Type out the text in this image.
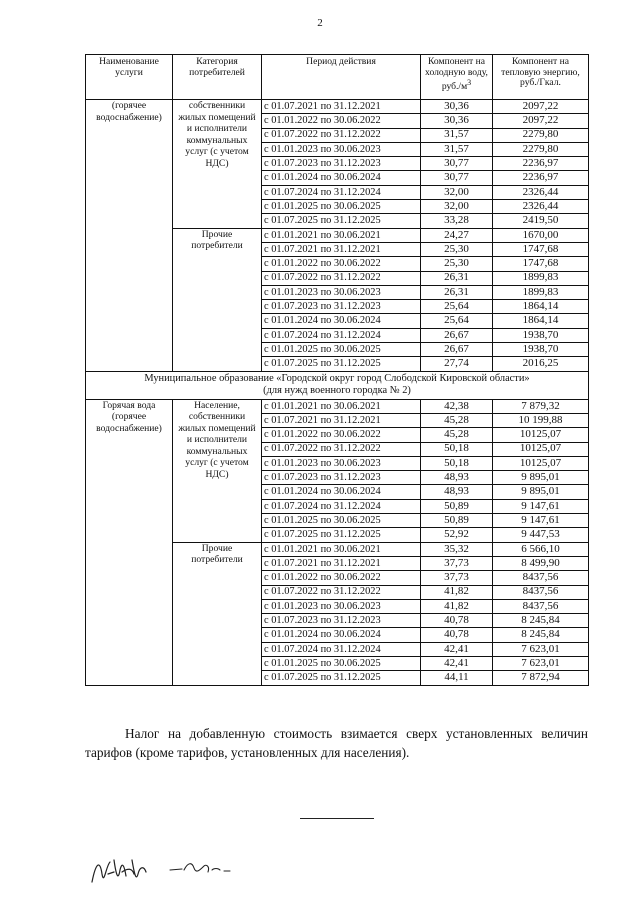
2
Наименование услуги	Категория потребителей	Период действия	Компонент на холодную воду, $руб./м^3$	Компонент на тепловую энергию, руб./Гкал.
(горячее водоснабжение)	собственники жилых помещений и исполнители коммунальных услуг (с учетом НДС)	с 01.07.2021 по 31.12.2021	30,36	2097,22
		с 01.01.2022 по 30.06.2022	30,36	2097,22
		с 01.07.2022 по 31.12.2022	31,57	2279,80
		с 01.01.2023 по 30.06.2023	31,57	2279,80
		с 01.07.2023 по 31.12.2023	30,77	2236,97
		с 01.01.2024 по 30.06.2024	30,77	2236,97
		с 01.07.2024 по 31.12.2024	32,00	2326,44
		с 01.01.2025 по 30.06.2025	32,00	2326,44
		с 01.07.2025 по 31.12.2025	33,28	2419,50
	Прочие потребители	с 01.01.2021 по 30.06.2021	24,27	1670,00
		с 01.07.2021 по 31.12.2021	25,30	1747,68
		с 01.01.2022 по 30.06.2022	25,30	1747,68
		с 01.07.2022 по 31.12.2022	26,31	1899,83
		с 01.01.2023 по 30.06.2023	26,31	1899,83
		с 01.07.2023 по 31.12.2023	25,64	1864,14
		с 01.01.2024 по 30.06.2024	25,64	1864,14
		с 01.07.2024 по 31.12.2024	26,67	1938,70
		с 01.01.2025 по 30.06.2025	26,67	1938,70
		с 01.07.2025 по 31.12.2025	27,74	2016,25

Муниципальное образование «Городской округ город Слободской Кировской области»
(для нужд военного городка № 2)				

Горячая вода (горячее водоснабжение)	Население, собственники жилых помещений и исполнители коммунальных услуг (с учетом НДС)	с 01.01.2021 по 30.06.2021	42,38	7 879,32
		с 01.07.2021 по 31.12.2021	45,28	10 199,88
		с 01.01.2022 по 30.06.2022	45,28	10125,07
		с 01.07.2022 по 31.12.2022	50,18	10125,07
		с 01.01.2023 по 30.06.2023	50,18	10125,07
		с 01.07.2023 по 31.12.2023	48,93	9 895,01
		с 01.01.2024 по 30.06.2024	48,93	9 895,01
		с 01.07.2024 по 31.12.2024	50,89	9 147,61
		с 01.01.2025 по 30.06.2025	50,89	9 147,61
		с 01.07.2025 по 31.12.2025	52,92	9 447,53
	Прочие потребители	с 01.01.2021 по 30.06.2021	35,32	6 566,10
		с 01.07.2021 по 31.12.2021	37,73	8 499,90
		с 01.01.2022 по 30.06.2022	37,73	8437,56
		с 01.07.2022 по 31.12.2022	41,82	8437,56
		с 01.01.2023 по 30.06.2023	41,82	8437,56
		с 01.07.2023 по 31.12.2023	40,78	8 245,84
		с 01.01.2024 по 30.06.2024	40,78	8 245,84
		с 01.07.2024 по 31.12.2024	42,41	7 623,01
		с 01.01.2025 по 30.06.2025	42,41	7 623,01
		с 01.07.2025 по 31.12.2025	44,11	7 872,94
Налог на добавленную стоимость взимается сверх установленных величин тарифов (кроме тарифов, установленных для населения).
